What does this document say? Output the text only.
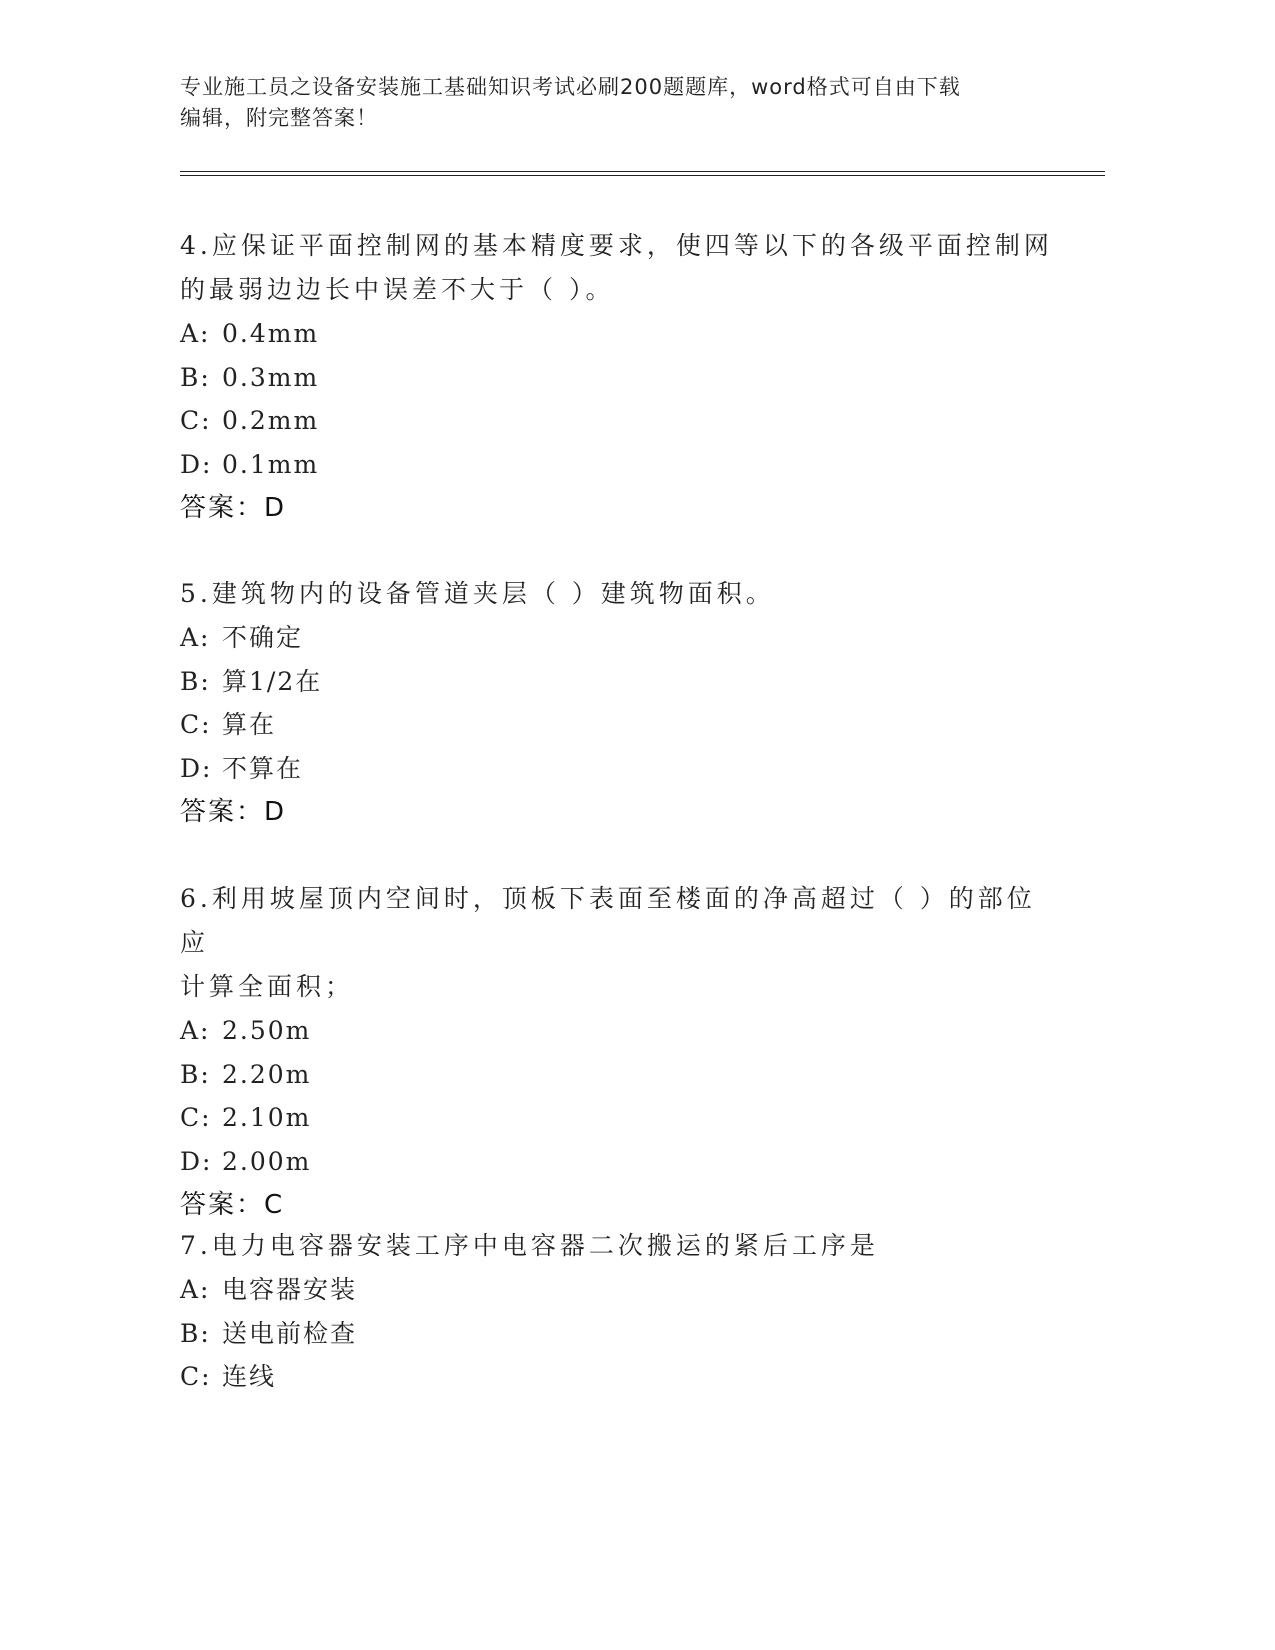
专业施工员之设备安装施工基础知识考试必刷200题题库，word格式可自由下载
编辑，附完整答案！
4.应保证平面控制网的基本精度要求，使四等以下的各级平面控制网
的最弱边边长中误差不大于（ ）。
A: 0.4mm
B: 0.3mm
C: 0.2mm
D: 0.1mm
答案：D
5.建筑物内的设备管道夹层（ ）建筑物面积。
A: 不确定
B: 算1/2在
C: 算在
D: 不算在
答案：D
6.利用坡屋顶内空间时，顶板下表面至楼面的净高超过（ ）的部位应
计算全面积；
A: 2.50m
B: 2.20m
C: 2.10m
D: 2.00m
答案：C
7.电力电容器安装工序中电容器二次搬运的紧后工序是
A: 电容器安装
B: 送电前检查
C: 连线
